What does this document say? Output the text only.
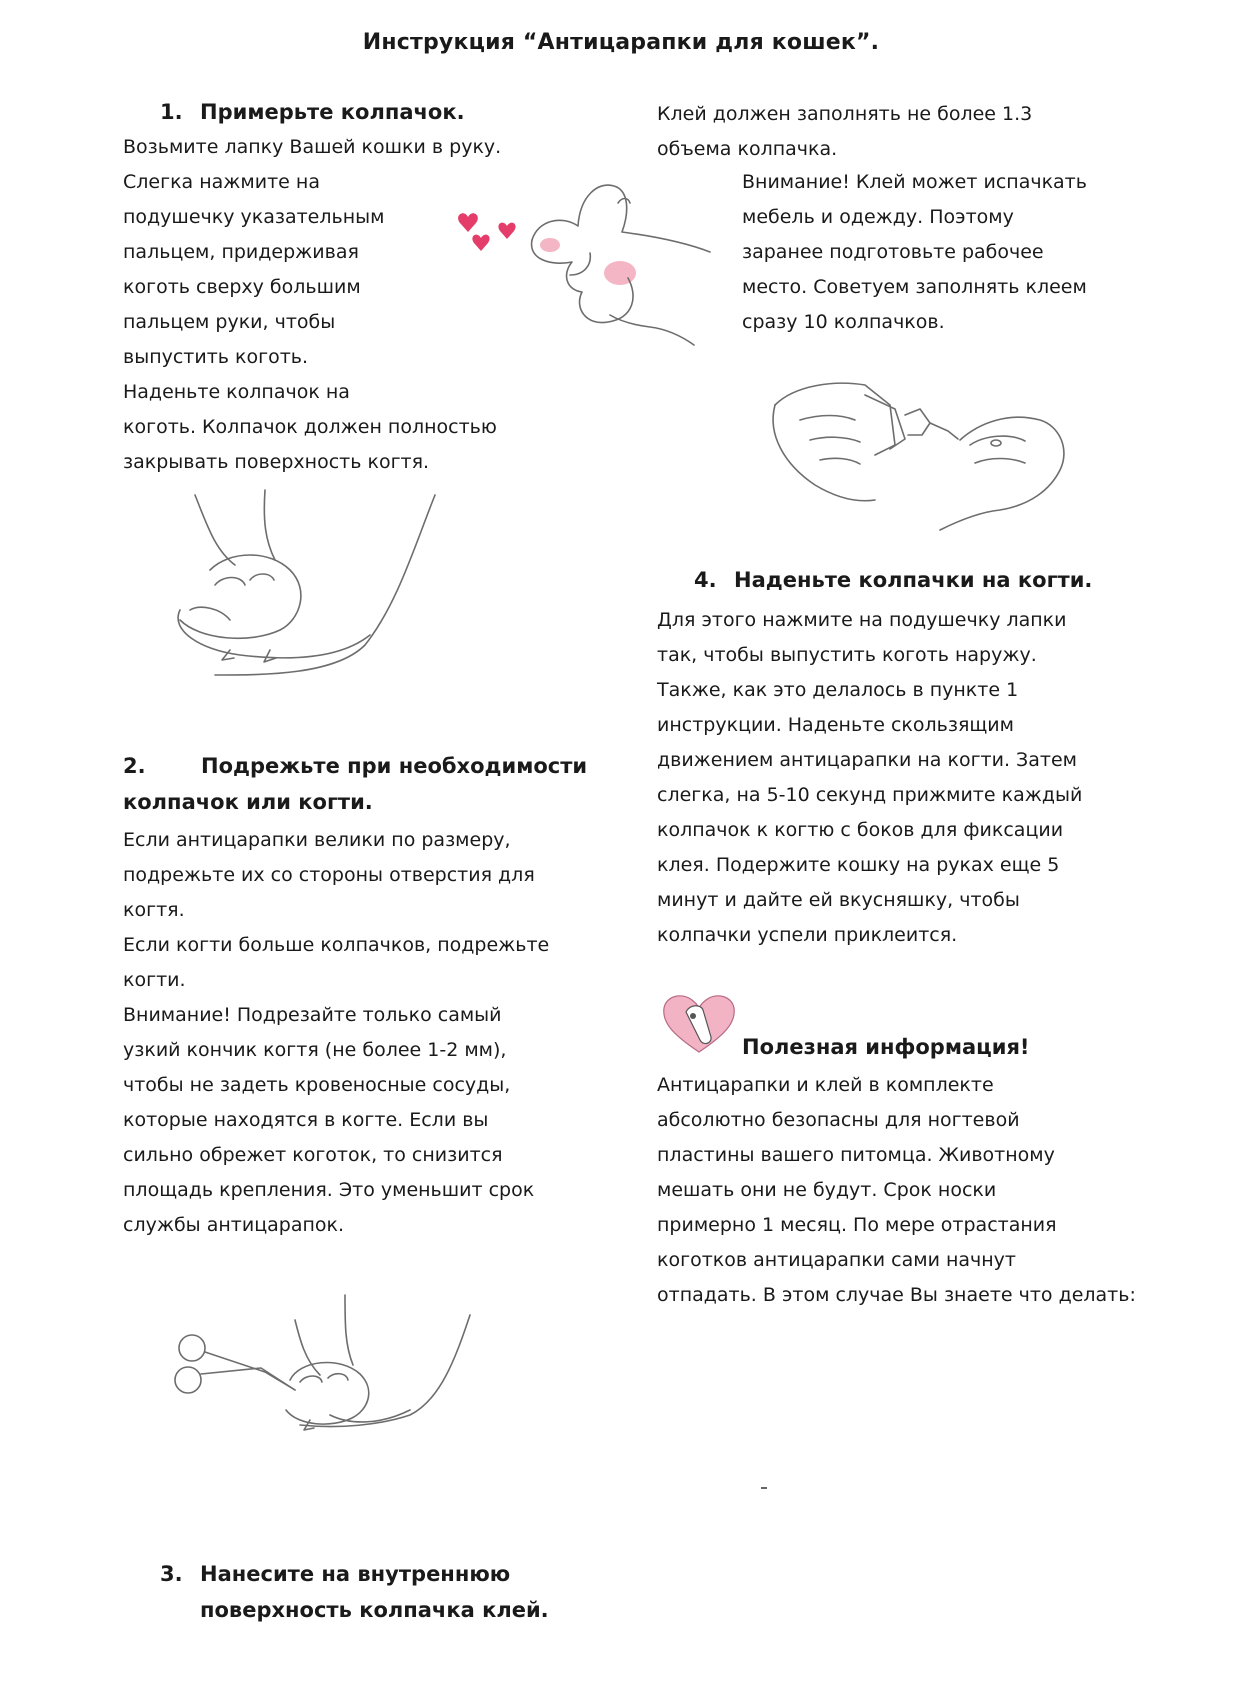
Инструкция “Антицарапки для кошек”.
1. Примерьте колпачок.
Возьмите лапку Вашей кошки в руку.
Слегка нажмите на
подушечку указательным
пальцем, придерживая
коготь сверху большим
пальцем руки, чтобы
выпустить коготь.
Наденьте колпачок на
коготь. Колпачок должен полностью
закрывать поверхность когтя.
2.	Подрежьте при необходимости
колпачок или когти.
Если антицарапки велики по размеру,
подрежьте их со стороны отверстия для
когтя.
Если когти больше колпачков, подрежьте
когти.
Внимание! Подрезайте только самый
узкий кончик когтя (не более 1-2 мм),
чтобы не задеть кровеносные сосуды,
которые находятся в когте. Если вы
сильно обрежет коготок, то снизится
площадь крепления. Это уменьшит срок
службы антицарапок.
3. Нанесите на внутреннюю
поверхность колпачка клей.
Клей должен заполнять не более 1.3
объема колпачка.
Внимание! Клей может испачкать
мебель и одежду. Поэтому
заранее подготовьте рабочее
место. Советуем заполнять клеем
сразу 10 колпачков.
4. Наденьте колпачки на когти.
Для этого нажмите на подушечку лапки
так, чтобы выпустить коготь наружу.
Также, как это делалось в пункте 1
инструкции. Наденьте скользящим
движением антицарапки на когти. Затем
слегка, на 5-10 секунд прижмите каждый
колпачок к когтю с боков для фиксации
клея. Подержите кошку на руках еще 5
минут и дайте ей вкусняшку, чтобы
колпачки успели приклеится.
Полезная информация!
Антицарапки и клей в комплекте
абсолютно безопасны для ногтевой
пластины вашего питомца. Животному
мешать они не будут. Срок носки
примерно 1 месяц. По мере отрастания
коготков антицарапки сами начнут
отпадать. В этом случае Вы знаете что делать:
